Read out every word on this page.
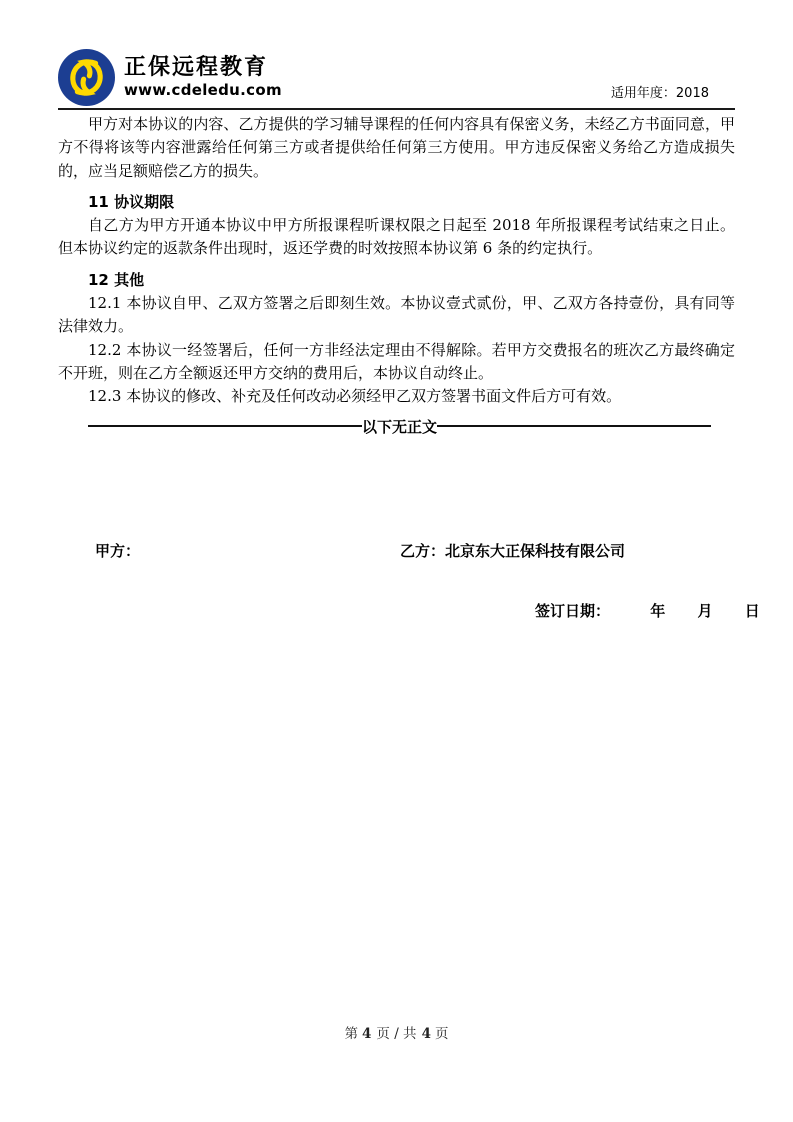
正保远程教育
www.cdeledu.com	适用年度：2018

甲方对本协议的内容、乙方提供的学习辅导课程的任何内容具有保密义务，未经乙方书面同意，甲方不得将该等内容泄露给任何第三方或者提供给任何第三方使用。甲方违反保密义务给乙方造成损失的，应当足额赔偿乙方的损失。

11 协议期限

自乙方为甲方开通本协议中甲方所报课程听课权限之日起至 2018 年所报课程考试结束之日止。但本协议约定的返款条件出现时，返还学费的时效按照本协议第 6 条的约定执行。

12 其他

12.1 本协议自甲、乙双方签署之后即刻生效。本协议壹式贰份，甲、乙双方各持壹份，具有同等法律效力。

12.2 本协议一经签署后，任何一方非经法定理由不得解除。若甲方交费报名的班次乙方最终确定不开班，则在乙方全额返还甲方交纳的费用后，本协议自动终止。

12.3 本协议的修改、补充及任何改动必须经甲乙双方签署书面文件后方可有效。

以下无正文
甲方：	乙方：北京东大正保科技有限公司
签订日期：	年 月 日
第 4 页 / 共 4 页
